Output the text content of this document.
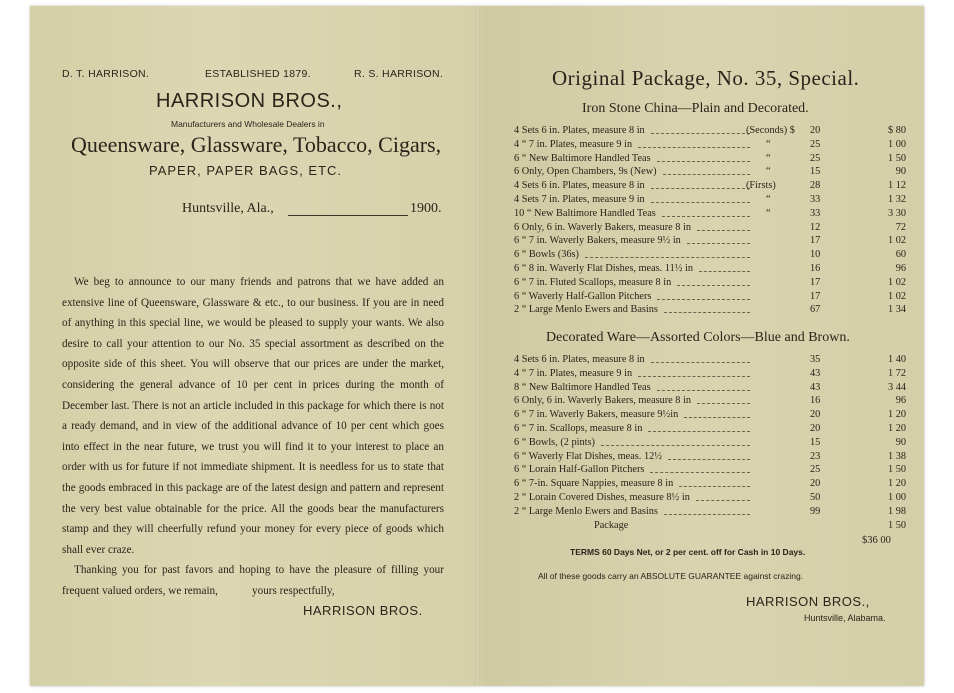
D. T. HARRISON.	ESTABLISHED 1879.	R. S. HARRISON.
HARRISON BROS.,
Manufacturers and Wholesale Dealers in
Queensware, Glassware, Tobacco, Cigars,
PAPER, PAPER BAGS, ETC.
Huntsville, Ala.,	1900.

We beg to announce to our many friends and patrons that we have added an extensive line of Queensware, Glassware & etc., to our business. If you are in need of anything in this special line, we would be pleased to supply your wants. We also desire to call your attention to our No. 35 special assortment as described on the opposite side of this sheet. You will observe that our prices are under the market, considering the general advance of 10 per cent in prices during the month of December last. There is not an article included in this package for which there is not a ready demand, and in view of the additional advance of 10 per cent which goes into effect in the near future, we trust you will find it to your interest to place an order with us for future if not immediate shipment. It is needless for us to state that the goods embraced in this package are of the latest design and pattern and represent the very best value obtainable for the price. All the goods bear the manufacturers stamp and they will cheerfully refund your money for every piece of goods which shall ever craze.

Thanking you for past favors and hoping to have the pleasure of filling your frequent valued orders, we remain,	yours respectfully,
HARRISON BROS.
Original Package, No. 35, Special.
Iron Stone China—Plain and Decorated.
4 Sets 6 in. Plates, measure 8 in	(Seconds) $ 20	$ 80
4 “ 7 in. Plates, measure 9 in	“	25	1 00
6 “ New Baltimore Handled Teas	“	25	1 50
6 Only, Open Chambers, 9s (New)	“	15	90
4 Sets 6 in. Plates, measure 8 in	(Firsts)	28	1 12
4 Sets 7 in. Plates, measure 9 in	“	33	1 32
10 “ New Baltimore Handled Teas	“	33	3 30
6 Only, 6 in. Waverly Bakers, measure 8 in	12	72
6 “ 7 in. Waverly Bakers, measure 9½ in	17	1 02
6 “ Bowls (36s)	10	60
6 “ 8 in. Waverly Flat Dishes, meas. 11½ in	16	96
6 “ 7 in. Fluted Scallops, measure 8 in	17	1 02
6 “ Waverly Half-Gallon Pitchers	17	1 02
2 “ Large Menlo Ewers and Basins	67	1 34
Decorated Ware—Assorted Colors—Blue and Brown.
4 Sets 6 in. Plates, measure 8 in	35	1 40
4 “ 7 in. Plates, measure 9 in	43	1 72
8 “ New Baltimore Handled Teas	43	3 44
6 Only, 6 in. Waverly Bakers, measure 8 in	16	96
6 “ 7 in. Waverly Bakers, measure 9½in	20	1 20
6 “ 7 in. Scallops, measure 8 in	20	1 20
6 “ Bowls, (2 pints)	15	90
6 “ Waverly Flat Dishes, meas. 12½	23	1 38
6 “ Lorain Half-Gallon Pitchers	25	1 50
6 “ 7-in. Square Nappies, measure 8 in	20	1 20
2 “ Lorain Covered Dishes, measure 8½ in	50	1 00
2 “ Large Menlo Ewers and Basins	99	1 98
Package	1 50
$36 00
TERMS 60 Days Net, or 2 per cent. off for Cash in 10 Days.
All of these goods carry an ABSOLUTE GUARANTEE against crazing.
HARRISON BROS.,
Huntsville, Alabama.
